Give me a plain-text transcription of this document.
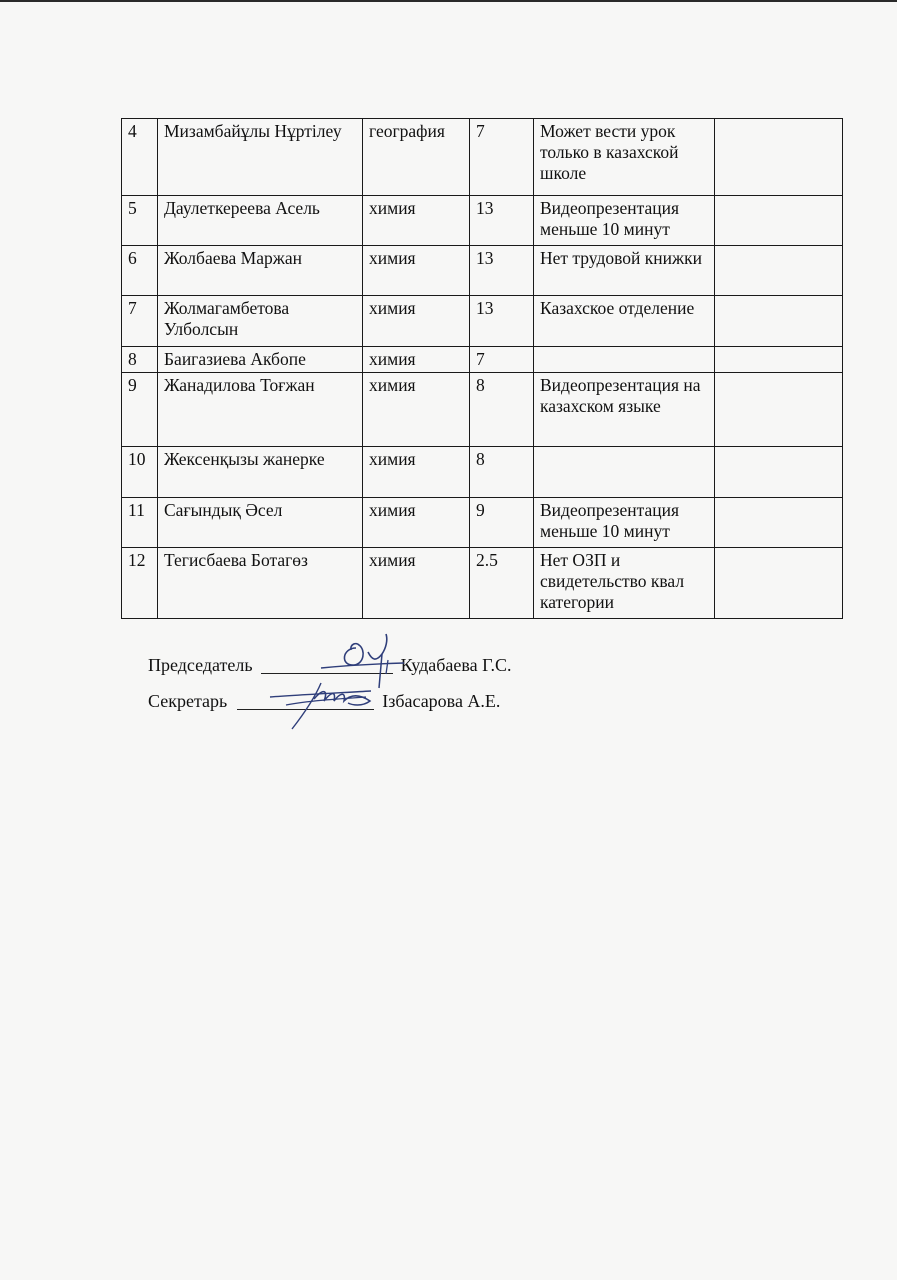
4	Мизамбайұлы Нұртілеу	география	7	Может вести урок только в казахской школе	
5	Даулеткереева Асель	химия	13	Видеопрезентация меньше 10 минут	
6	Жолбаева Маржан	химия	13	Нет трудовой книжки	
7	Жолмагамбетова Улболсын	химия	13	Казахское отделение	
8	Баигазиева Акбопе	химия	7		
9	Жанадилова Тоғжан	химия	8	Видеопрезентация на казахском языке	
10	Жексенқызы жанерке	химия	8		
11	Сағындық Әсел	химия	9	Видеопрезентация меньше 10 минут	
12	Тегисбаева Ботагөз	химия	2.5	Нет ОЗП и свидетельство квал категории	
Председатель	Кудабаева Г.С.
Секретарь	Ізбасарова А.Е.
